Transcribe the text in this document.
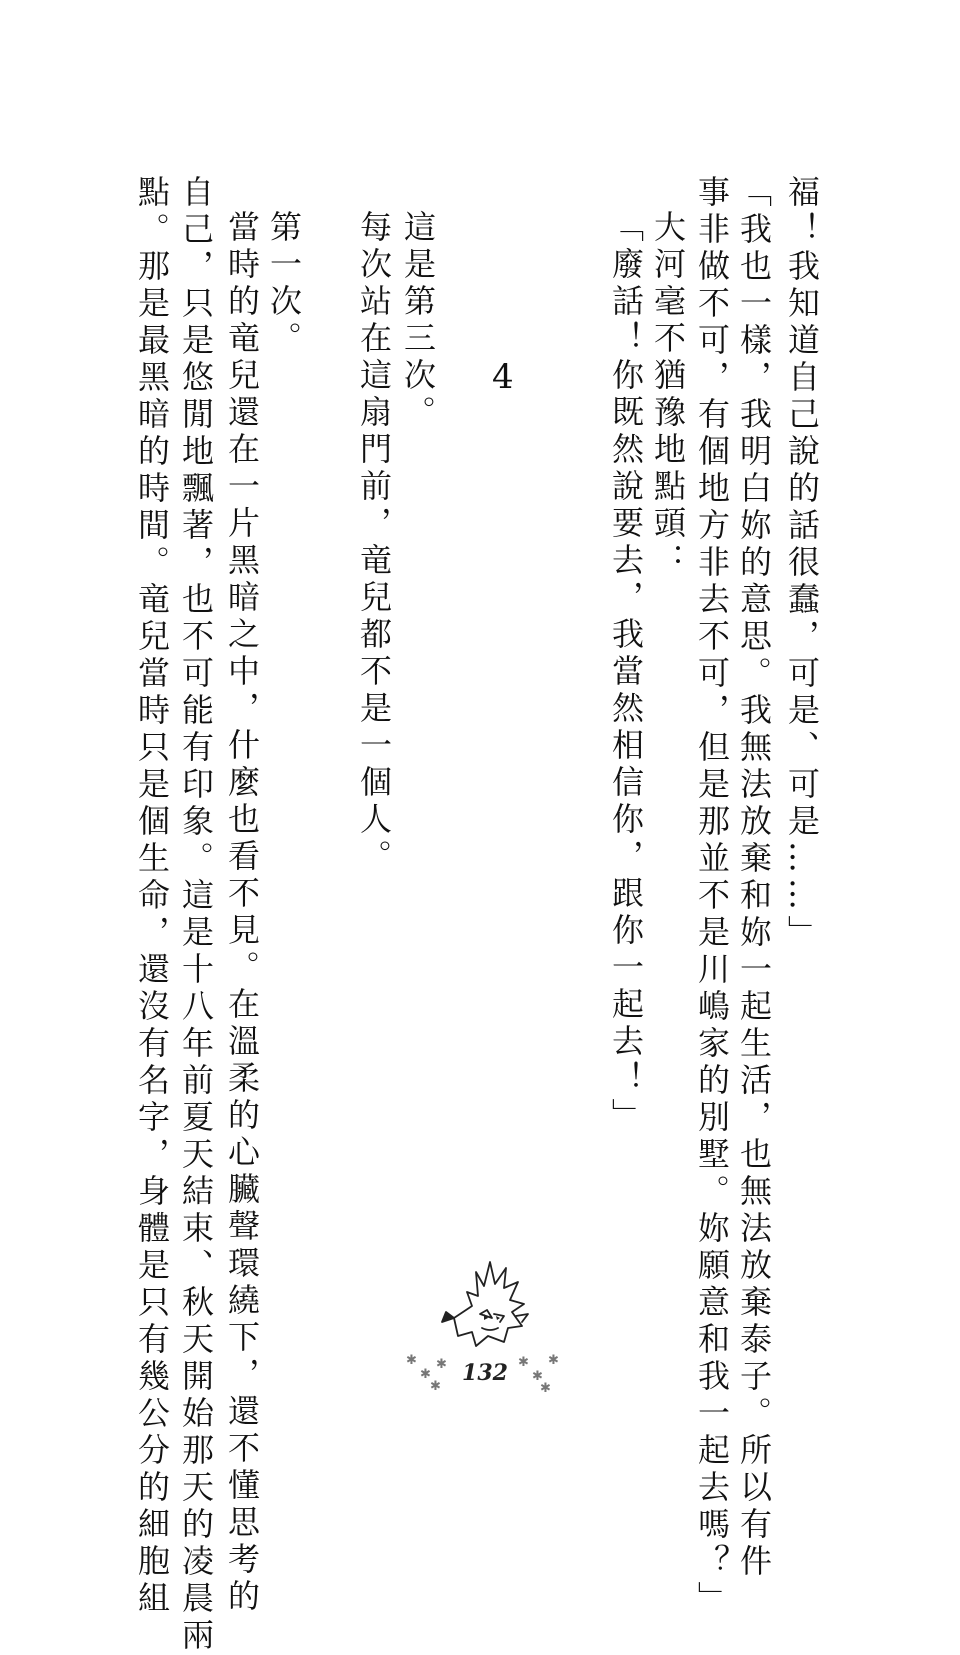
福！我知道自己說的話很蠢，可是、可是……」
「我也一樣，我明白妳的意思。我無法放棄和妳一起生活，也無法放棄泰子。所以有件
事非做不可，有個地方非去不可，但是那並不是川嶋家的別墅。妳願意和我一起去嗎？」
大河毫不猶豫地點頭：
「廢話！你既然說要去，我當然相信你，跟你一起去！」
4
這是第三次。
每次站在這扇門前，竜兒都不是一個人。
第一次。
當時的竜兒還在一片黑暗之中，什麼也看不見。在溫柔的心臟聲環繞下，還不懂思考的
自己，只是悠閒地飄著，也不可能有印象。這是十八年前夏天結束、秋天開始那天的凌晨兩
點。那是最黑暗的時間。竜兒當時只是個生命，還沒有名字，身體是只有幾公分的細胞組	✱
✱
✱
✱
132 ✱
✱
✱
✱
